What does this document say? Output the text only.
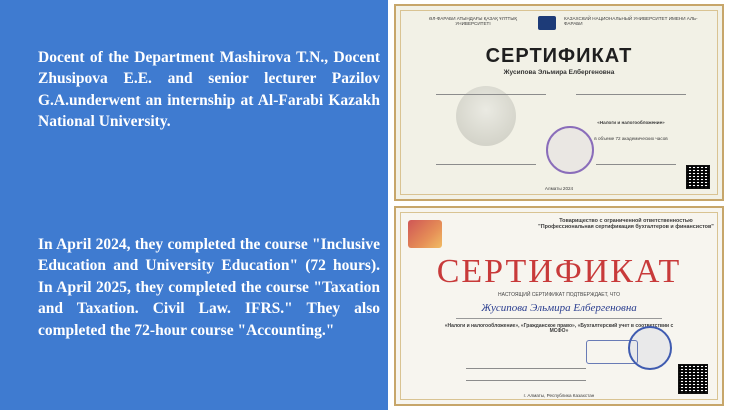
Docent of the Department Mashirova T.N., Docent Zhusipova E.E. and senior lecturer Pazilov G.A.underwent an internship at Al-Farabi Kazakh National University.

In April 2024, they completed the course "Inclusive Education and University Education" (72 hours). In April 2025, they completed the course "Taxation and Taxation. Civil Law. IFRS." They also completed the 72-hour course "Accounting."

ӘЛ-ФАРАБИ АТЫНДАҒЫ ҚАЗАҚ ҰЛТТЫҚ УНИВЕРСИТЕТІ
КАЗАХСКИЙ НАЦИОНАЛЬНЫЙ УНИВЕРСИТЕТ ИМЕНИ АЛЬ-ФАРАБИ
СЕРТИФИКАТ
Жусипова Эльмира Елбергеновна
«Налоги и налогообложение»
в объеме 72 академических часов
Алматы 2024
Товарищество с ограниченной ответственностью "Профессиональная сертификация бухгалтеров и финансистов"
СЕРТИФИКАТ
НАСТОЯЩИЙ СЕРТИФИКАТ ПОДТВЕРЖДАЕТ, ЧТО
Жусипова Эльмира Елбергеновна
«Налоги и налогообложение», «Гражданское право», «Бухгалтерский учет в соответствии с МСФО»
г. Алматы, Республика Казахстан
